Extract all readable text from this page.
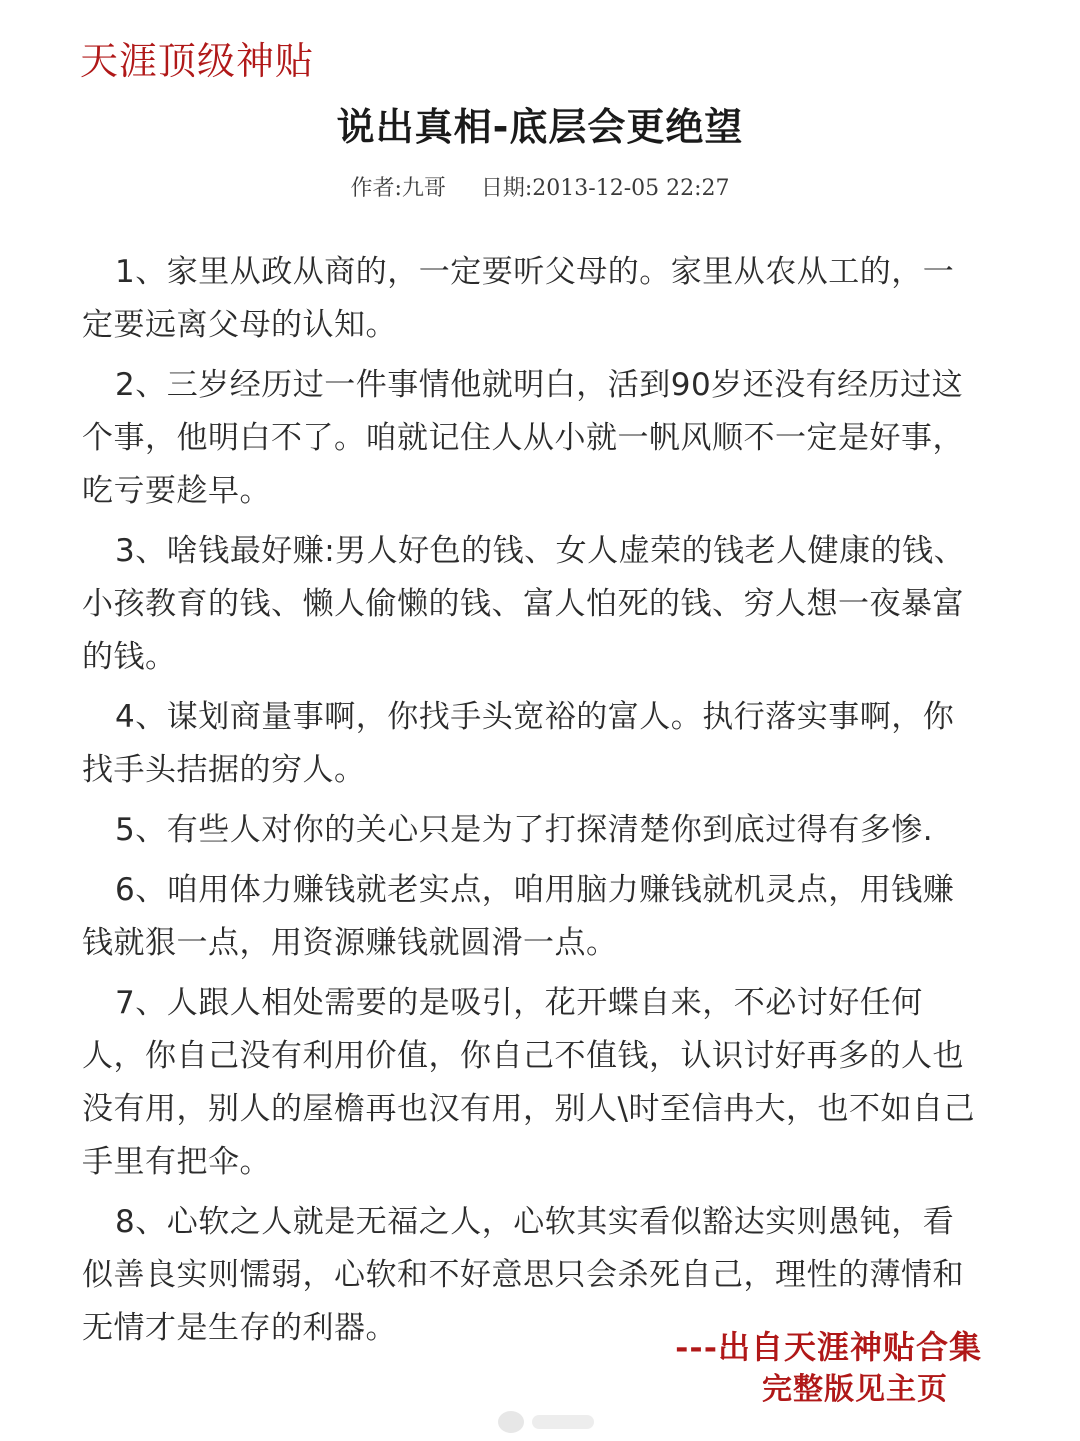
天涯顶级神贴
说出真相-底层会更绝望
作者:九哥     日期:2013-12-05 22:27

1、家里从政从商的，一定要听父母的。家里从农从工的，一定要远离父母的认知。

2、三岁经历过一件事情他就明白，活到90岁还没有经历过这个事，他明白不了。咱就记住人从小就一帆风顺不一定是好事，吃亏要趁早。

3、啥钱最好赚:男人好色的钱、女人虚荣的钱老人健康的钱、小孩教育的钱、懒人偷懒的钱、富人怕死的钱、穷人想一夜暴富的钱。

4、谋划商量事啊，你找手头宽裕的富人。执行落实事啊，你找手头拮据的穷人。

5、有些人对你的关心只是为了打探清楚你到底过得有多惨.

6、咱用体力赚钱就老实点，咱用脑力赚钱就机灵点，用钱赚钱就狠一点，用资源赚钱就圆滑一点。

7、人跟人相处需要的是吸引，花开蝶自来，不必讨好任何人，你自己没有利用价值，你自己不值钱，认识讨好再多的人也没有用，别人的屋檐再也汉有用，别人\时至信冉大，也不如自己手里有把伞。

8、心软之人就是无福之人，心软其实看似豁达实则愚钝，看似善良实则懦弱，心软和不好意思只会杀死自己，理性的薄情和无情才是生存的利器。	---出自天涯神贴合集
完整版见主页
